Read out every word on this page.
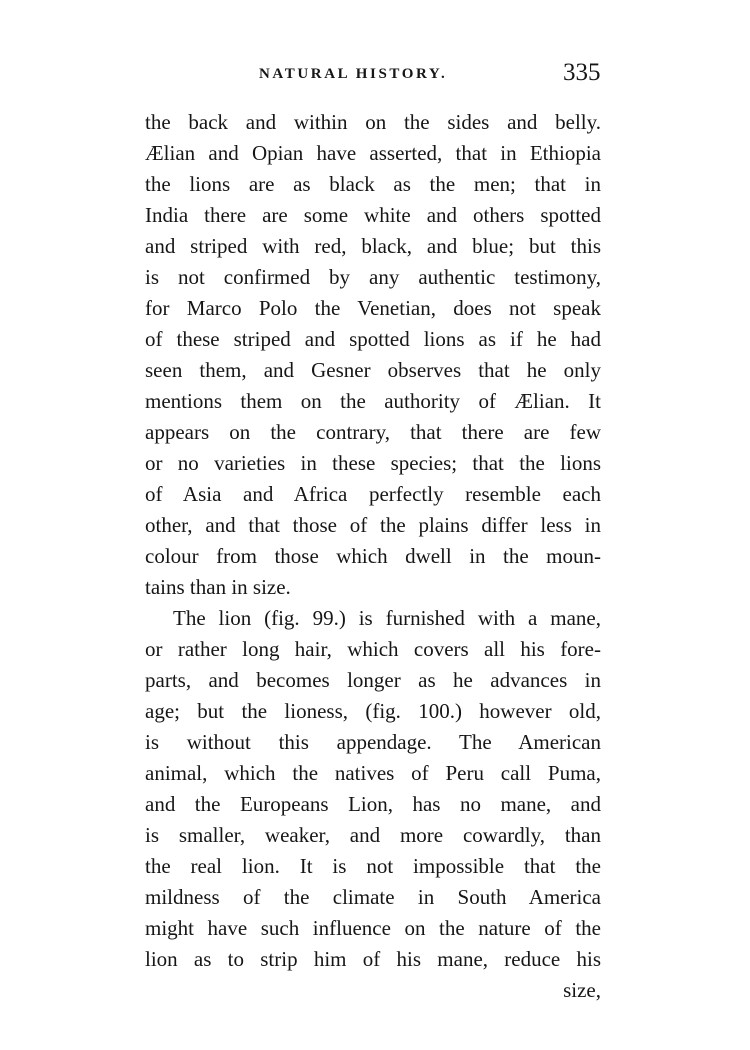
NATURAL HISTORY.	335
the back and within on the sides and belly.
Ælian and Opian have asserted, that in Ethiopia
the lions are as black as the men; that in
India there are some white and others spotted
and striped with red, black, and blue; but this
is not confirmed by any authentic testimony,
for Marco Polo the Venetian, does not speak
of these striped and spotted lions as if he had
seen them, and Gesner observes that he only
mentions them on the authority of Ælian. It
appears on the contrary, that there are few
or no varieties in these species; that the lions
of Asia and Africa perfectly resemble each
other, and that those of the plains differ less in
colour from those which dwell in the moun-
tains than in size.
The lion (fig. 99.) is furnished with a mane,
or rather long hair, which covers all his fore-
parts, and becomes longer as he advances in
age; but the lioness, (fig. 100.) however old,
is without this appendage. The American
animal, which the natives of Peru call Puma,
and the Europeans Lion, has no mane, and
is smaller, weaker, and more cowardly, than
the real lion. It is not impossible that the
mildness of the climate in South America
might have such influence on the nature of the
lion as to strip him of his mane, reduce his
size,
